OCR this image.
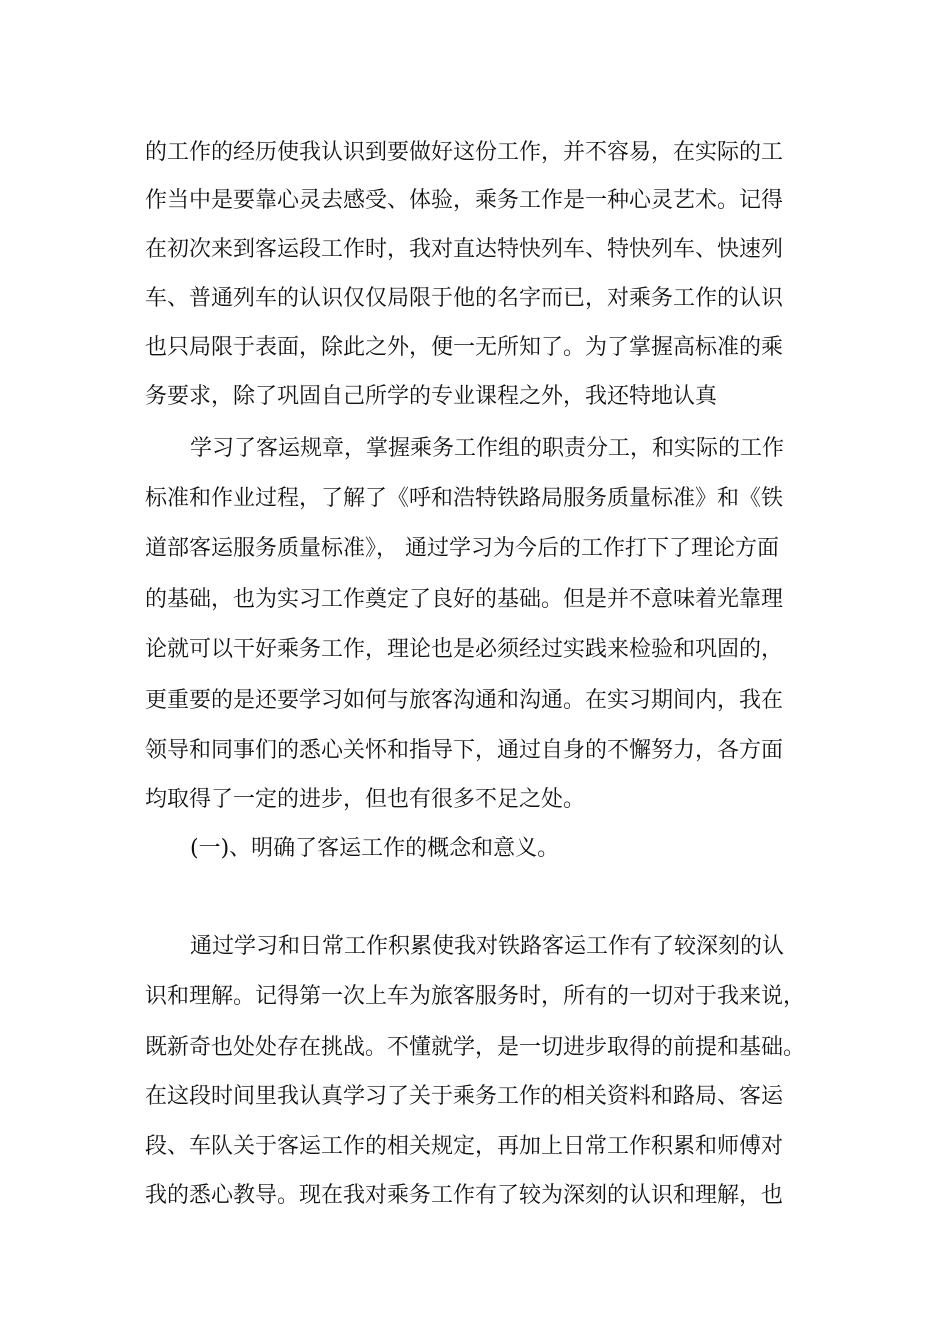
的工作的经历使我认识到要做好这份工作，并不容易，在实际的工

作当中是要靠心灵去感受、体验，乘务工作是一种心灵艺术。记得

在初次来到客运段工作时，我对直达特快列车、特快列车、快速列

车、普通列车的认识仅仅局限于他的名字而已，对乘务工作的认识

也只局限于表面，除此之外，便一无所知了。为了掌握高标准的乘

务要求，除了巩固自己所学的专业课程之外，我还特地认真

学习了客运规章，掌握乘务工作组的职责分工，和实际的工作

标准和作业过程，了解了《呼和浩特铁路局服务质量标准》和《铁

道部客运服务质量标准》， 通过学习为今后的工作打下了理论方面

的基础，也为实习工作奠定了良好的基础。但是并不意味着光靠理

论就可以干好乘务工作，理论也是必须经过实践来检验和巩固的，

更重要的是还要学习如何与旅客沟通和沟通。在实习期间内，我在

领导和同事们的悉心关怀和指导下，通过自身的不懈努力，各方面

均取得了一定的进步，但也有很多不足之处。

(一)、明确了客运工作的概念和意义。

通过学习和日常工作积累使我对铁路客运工作有了较深刻的认

识和理解。记得第一次上车为旅客服务时，所有的一切对于我来说，

既新奇也处处存在挑战。不懂就学，是一切进步取得的前提和基础。

在这段时间里我认真学习了关于乘务工作的相关资料和路局、客运

段、车队关于客运工作的相关规定，再加上日常工作积累和师傅对

我的悉心教导。现在我对乘务工作有了较为深刻的认识和理解，也
